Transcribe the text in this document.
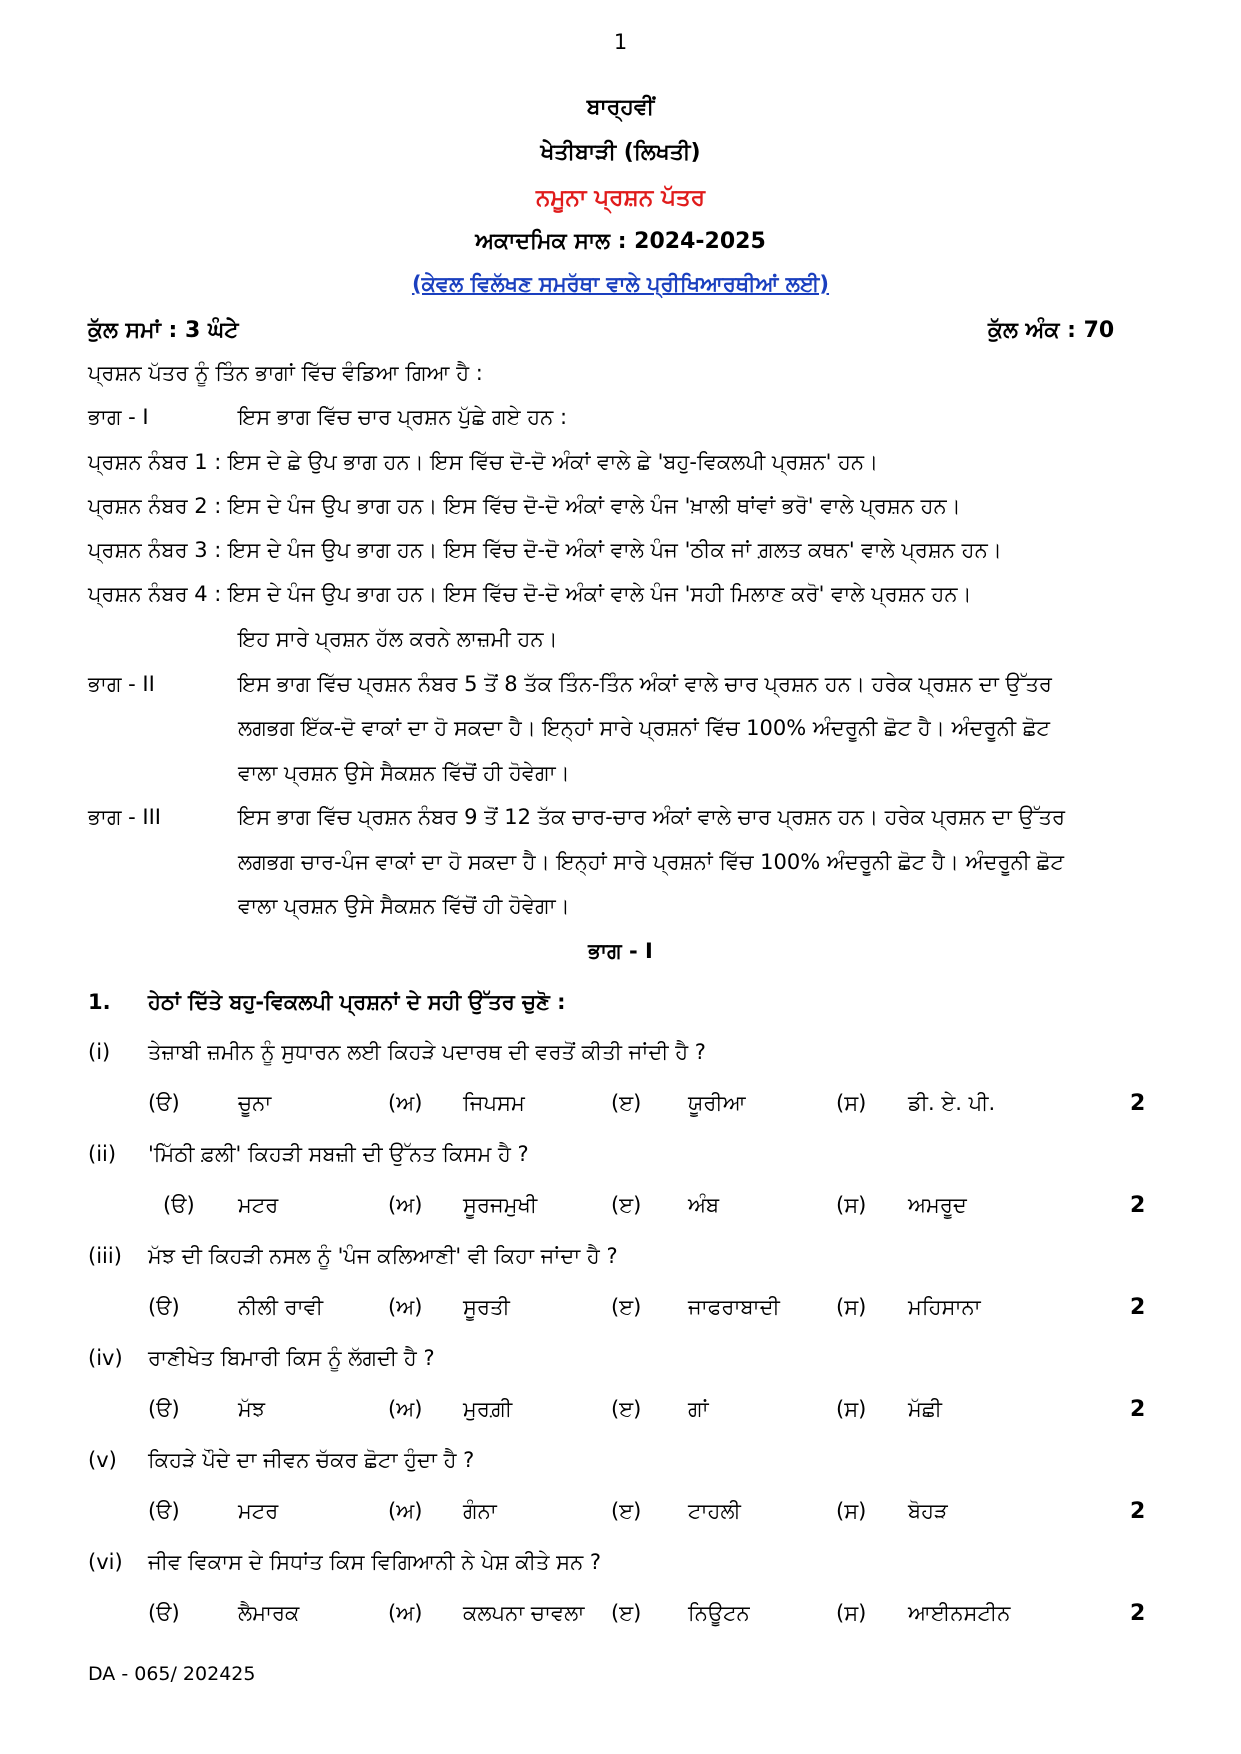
1
ਬਾਰ੍ਹਵੀਂ
ਖੇਤੀਬਾੜੀ (ਲਿਖਤੀ)
ਨਮੂਨਾ ਪ੍ਰਸ਼ਨ ਪੱਤਰ
ਅਕਾਦਮਿਕ ਸਾਲ : 2024-2025
(ਕੇਵਲ ਵਿਲੱਖਣ ਸਮਰੱਥਾ ਵਾਲੇ ਪ੍ਰੀਖਿਆਰਥੀਆਂ ਲਈ)
ਕੁੱਲ ਸਮਾਂ : 3 ਘੰਟੇ	ਕੁੱਲ ਅੰਕ : 70
ਪ੍ਰਸ਼ਨ ਪੱਤਰ ਨੂੰ ਤਿੰਨ ਭਾਗਾਂ ਵਿੱਚ ਵੰਡਿਆ ਗਿਆ ਹੈ :
ਭਾਗ - I	ਇਸ ਭਾਗ ਵਿੱਚ ਚਾਰ ਪ੍ਰਸ਼ਨ ਪੁੱਛੇ ਗਏ ਹਨ :
ਪ੍ਰਸ਼ਨ ਨੰਬਰ 1 : ਇਸ ਦੇ ਛੇ ਉਪ ਭਾਗ ਹਨ। ਇਸ ਵਿੱਚ ਦੋ-ਦੋ ਅੰਕਾਂ ਵਾਲੇ ਛੇ 'ਬਹੁ-ਵਿਕਲਪੀ ਪ੍ਰਸ਼ਨ' ਹਨ।
ਪ੍ਰਸ਼ਨ ਨੰਬਰ 2 : ਇਸ ਦੇ ਪੰਜ ਉਪ ਭਾਗ ਹਨ। ਇਸ ਵਿੱਚ ਦੋ-ਦੋ ਅੰਕਾਂ ਵਾਲੇ ਪੰਜ 'ਖ਼ਾਲੀ ਥਾਂਵਾਂ ਭਰੋ' ਵਾਲੇ ਪ੍ਰਸ਼ਨ ਹਨ।
ਪ੍ਰਸ਼ਨ ਨੰਬਰ 3 : ਇਸ ਦੇ ਪੰਜ ਉਪ ਭਾਗ ਹਨ। ਇਸ ਵਿੱਚ ਦੋ-ਦੋ ਅੰਕਾਂ ਵਾਲੇ ਪੰਜ 'ਠੀਕ ਜਾਂ ਗ਼ਲਤ ਕਥਨ' ਵਾਲੇ ਪ੍ਰਸ਼ਨ ਹਨ।
ਪ੍ਰਸ਼ਨ ਨੰਬਰ 4 : ਇਸ ਦੇ ਪੰਜ ਉਪ ਭਾਗ ਹਨ। ਇਸ ਵਿੱਚ ਦੋ-ਦੋ ਅੰਕਾਂ ਵਾਲੇ ਪੰਜ 'ਸਹੀ ਮਿਲਾਣ ਕਰੋ' ਵਾਲੇ ਪ੍ਰਸ਼ਨ ਹਨ।
ਇਹ ਸਾਰੇ ਪ੍ਰਸ਼ਨ ਹੱਲ ਕਰਨੇ ਲਾਜ਼ਮੀ ਹਨ।
ਭਾਗ - II	ਇਸ ਭਾਗ ਵਿੱਚ ਪ੍ਰਸ਼ਨ ਨੰਬਰ 5 ਤੋਂ 8 ਤੱਕ ਤਿੰਨ-ਤਿੰਨ ਅੰਕਾਂ ਵਾਲੇ ਚਾਰ ਪ੍ਰਸ਼ਨ ਹਨ। ਹਰੇਕ ਪ੍ਰਸ਼ਨ ਦਾ ਉੱਤਰ
ਲਗਭਗ ਇੱਕ-ਦੋ ਵਾਕਾਂ ਦਾ ਹੋ ਸਕਦਾ ਹੈ। ਇਨ੍ਹਾਂ ਸਾਰੇ ਪ੍ਰਸ਼ਨਾਂ ਵਿੱਚ 100% ਅੰਦਰੂਨੀ ਛੋਟ ਹੈ। ਅੰਦਰੂਨੀ ਛੋਟ
ਵਾਲਾ ਪ੍ਰਸ਼ਨ ਉਸੇ ਸੈਕਸ਼ਨ ਵਿੱਚੋਂ ਹੀ ਹੋਵੇਗਾ।
ਭਾਗ - III	ਇਸ ਭਾਗ ਵਿੱਚ ਪ੍ਰਸ਼ਨ ਨੰਬਰ 9 ਤੋਂ 12 ਤੱਕ ਚਾਰ-ਚਾਰ ਅੰਕਾਂ ਵਾਲੇ ਚਾਰ ਪ੍ਰਸ਼ਨ ਹਨ। ਹਰੇਕ ਪ੍ਰਸ਼ਨ ਦਾ ਉੱਤਰ
ਲਗਭਗ ਚਾਰ-ਪੰਜ ਵਾਕਾਂ ਦਾ ਹੋ ਸਕਦਾ ਹੈ। ਇਨ੍ਹਾਂ ਸਾਰੇ ਪ੍ਰਸ਼ਨਾਂ ਵਿੱਚ 100% ਅੰਦਰੂਨੀ ਛੋਟ ਹੈ। ਅੰਦਰੂਨੀ ਛੋਟ
ਵਾਲਾ ਪ੍ਰਸ਼ਨ ਉਸੇ ਸੈਕਸ਼ਨ ਵਿੱਚੋਂ ਹੀ ਹੋਵੇਗਾ।
ਭਾਗ - I
1. ਹੇਠਾਂ ਦਿੱਤੇ ਬਹੁ-ਵਿਕਲਪੀ ਪ੍ਰਸ਼ਨਾਂ ਦੇ ਸਹੀ ਉੱਤਰ ਚੁਣੋ :
(i) ਤੇਜ਼ਾਬੀ ਜ਼ਮੀਨ ਨੂੰ ਸੁਧਾਰਨ ਲਈ ਕਿਹੜੇ ਪਦਾਰਥ ਦੀ ਵਰਤੋਂ ਕੀਤੀ ਜਾਂਦੀ ਹੈ ?
(ੳ)	ਚੂਨਾ	(ਅ) ਜਿਪਸਮ	(ੲ) ਯੂਰੀਆ	(ਸ) ਡੀ. ਏ. ਪੀ.	2
(ii) 'ਮਿੱਠੀ ਫ਼ਲੀ' ਕਿਹੜੀ ਸਬਜ਼ੀ ਦੀ ਉੱਨਤ ਕਿਸਮ ਹੈ ?
(ੳ) ਮਟਰ	(ਅ) ਸੂਰਜਮੁਖੀ	(ੲ) ਅੰਬ	(ਸ) ਅਮਰੂਦ	2
(iii) ਮੱਝ ਦੀ ਕਿਹੜੀ ਨਸਲ ਨੂੰ 'ਪੰਜ ਕਲਿਆਣੀ' ਵੀ ਕਿਹਾ ਜਾਂਦਾ ਹੈ ?
(ੳ)	ਨੀਲੀ ਰਾਵੀ	(ਅ) ਸੂਰਤੀ	(ੲ) ਜਾਫਰਾਬਾਦੀ	(ਸ) ਮਹਿਸਾਨਾ	2
(iv) ਰਾਣੀਖੇਤ ਬਿਮਾਰੀ ਕਿਸ ਨੂੰ ਲੱਗਦੀ ਹੈ ?
(ੳ)	ਮੱਝ	(ਅ) ਮੁਰਗ਼ੀ	(ੲ) ਗਾਂ	(ਸ) ਮੱਛੀ	2
(v) ਕਿਹੜੇ ਪੌਦੇ ਦਾ ਜੀਵਨ ਚੱਕਰ ਛੋਟਾ ਹੁੰਦਾ ਹੈ ?
(ੳ)	ਮਟਰ	(ਅ) ਗੰਨਾ	(ੲ) ਟਾਹਲੀ	(ਸ) ਬੋਹੜ	2
(vi) ਜੀਵ ਵਿਕਾਸ ਦੇ ਸਿਧਾਂਤ ਕਿਸ ਵਿਗਿਆਨੀ ਨੇ ਪੇਸ਼ ਕੀਤੇ ਸਨ ?
(ੳ)	ਲੈਮਾਰਕ	(ਅ) ਕਲਪਨਾ ਚਾਵਲਾ (ੲ) ਨਿਊਟਨ	(ਸ) ਆਈਨਸਟੀਨ	2
DA - 065/ 202425
